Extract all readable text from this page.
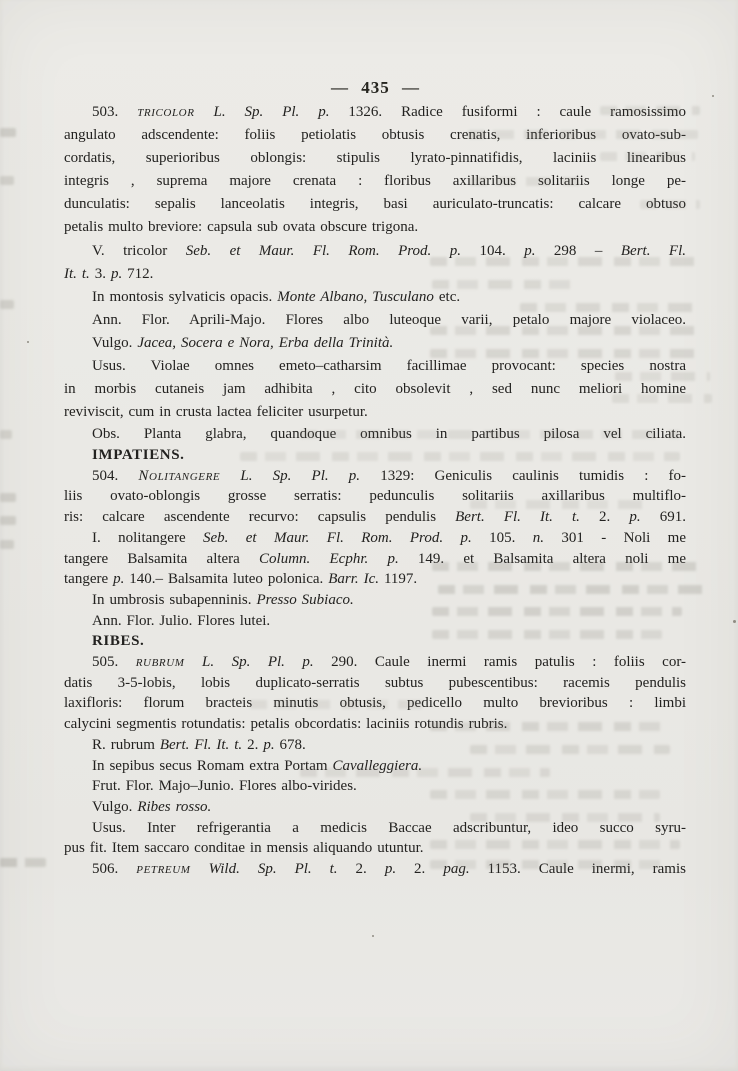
— 435 —
503. tricolor L. Sp. Pl. p. 1326. Radice fusiformi : caule ramosissimo
angulato adscendente: foliis petiolatis obtusis crenatis, inferioribus ovato-sub-
cordatis, superioribus oblongis: stipulis lyrato-pinnatifidis, laciniis linearibus
integris , suprema majore crenata : floribus axillaribus solitariis longe pe-
dunculatis: sepalis lanceolatis integris, basi auriculato-truncatis: calcare obtuso
petalis multo breviore: capsula sub ovata obscure trigona.
V. tricolor Seb. et Maur. Fl. Rom. Prod. p. 104. p. 298 – Bert. Fl.
It. t. 3. p. 712.
In montosis sylvaticis opacis. Monte Albano, Tusculano etc.
Ann. Flor. Aprili-Majo. Flores albo luteoque varii, petalo majore violaceo.
Vulgo. Jacea, Socera e Nora, Erba della Trinità.
Usus. Violae omnes emeto–catharsim facillimae provocant: species nostra
in morbis cutaneis jam adhibita , cito obsolevit , sed nunc meliori homine
reviviscit, cum in crusta lactea feliciter usurpetur.
Obs. Planta glabra, quandoque omnibus in partibus pilosa vel ciliata.
IMPATIENS.
504. Nolitangere L. Sp. Pl. p. 1329: Geniculis caulinis tumidis : fo-
liis ovato-oblongis grosse serratis: pedunculis solitariis axillaribus multiflo-
ris: calcare ascendente recurvo: capsulis pendulis Bert. Fl. It. t. 2. p. 691.
I. nolitangere Seb. et Maur. Fl. Rom. Prod. p. 105. n. 301 - Noli me
tangere Balsamita altera Column. Ecphr. p. 149. et Balsamita altera noli me
tangere p. 140.– Balsamita luteo polonica. Barr. Ic. 1197.
In umbrosis subapenninis. Presso Subiaco.
Ann. Flor. Julio. Flores lutei.
RIBES.
505. rubrum L. Sp. Pl. p. 290. Caule inermi ramis patulis : foliis cor-
datis 3-5-lobis, lobis duplicato-serratis subtus pubescentibus: racemis pendulis
laxifloris: florum bracteis minutis obtusis, pedicello multo brevioribus : limbi
calycini segmentis rotundatis: petalis obcordatis: laciniis rotundis rubris.
R. rubrum Bert. Fl. It. t. 2. p. 678.
In sepibus secus Romam extra Portam Cavalleggiera.
Frut. Flor. Majo–Junio. Flores albo-virides.
Vulgo. Ribes rosso.
Usus. Inter refrigerantia a medicis Baccae adscribuntur, ideo succo syru-
pus fit. Item saccaro conditae in mensis aliquando utuntur.
506. petreum Wild. Sp. Pl. t. 2. p. 2. pag. 1153. Caule inermi, ramis
